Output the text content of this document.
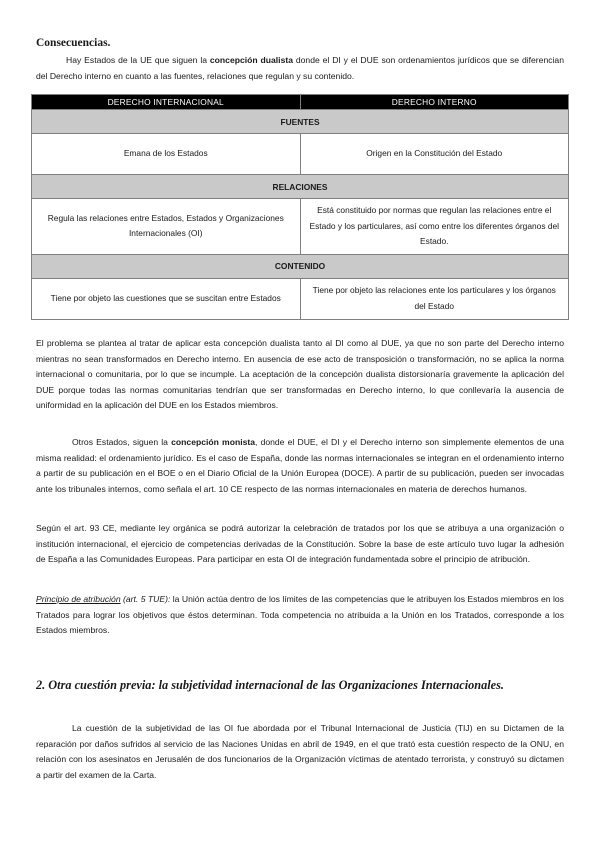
Consecuencias.
Hay Estados de la UE que siguen la concepción dualista donde el DI y el DUE son ordenamientos jurídicos que se diferencian del Derecho interno en cuanto a las fuentes, relaciones que regulan y su contenido.
DERECHO INTERNACIONAL	DERECHO INTERNO
FUENTES	
Emana de los Estados	Origen en la Constitución del Estado
RELACIONES	
Regula las relaciones entre Estados, Estados y Organizaciones Internacionales (OI)	Está constituido por normas que regulan las relaciones entre el Estado y los particulares, así como entre los diferentes órganos del Estado.
CONTENIDO	
Tiene por objeto las cuestiones que se suscitan entre Estados	Tiene por objeto las relaciones ente los particulares y los órganos del Estado
El problema se plantea al tratar de aplicar esta concepción dualista tanto al DI como al DUE, ya que no son parte del Derecho interno mientras no sean transformados en Derecho interno. En ausencia de ese acto de transposición o transformación, no se aplica la norma internacional o comunitaria, por lo que se incumple. La aceptación de la concepción dualista distorsionaría gravemente la aplicación del DUE porque todas las normas comunitarias tendrían que ser transformadas en Derecho interno, lo que conllevaría la ausencia de uniformidad en la aplicación del DUE en los Estados miembros.
Otros Estados, siguen la concepción monista, donde el DUE, el DI y el Derecho interno son simplemente elementos de una misma realidad: el ordenamiento jurídico. Es el caso de España, donde las normas internacionales se integran en el ordenamiento interno a partir de su publicación en el BOE o en el Diario Oficial de la Unión Europea (DOCE). A partir de su publicación, pueden ser invocadas ante los tribunales internos, como señala el art. 10 CE respecto de las normas internacionales en materia de derechos humanos.
Según el art. 93 CE, mediante ley orgánica se podrá autorizar la celebración de tratados por los que se atribuya a una organización o institución internacional, el ejercicio de competencias derivadas de la Constitución. Sobre la base de este artículo tuvo lugar la adhesión de España a las Comunidades Europeas. Para participar en esta OI de integración fundamentada sobre el principio de atribución.
Principio de atribución (art. 5 TUE): la Unión actúa dentro de los límites de las competencias que le atribuyen los Estados miembros en los Tratados para lograr los objetivos que éstos determinan. Toda competencia no atribuida a la Unión en los Tratados, corresponde a los Estados miembros.
2. Otra cuestión previa: la subjetividad internacional de las Organizaciones Internacionales.
La cuestión de la subjetividad de las OI fue abordada por el Tribunal Internacional de Justicia (TIJ) en su Dictamen de la reparación por daños sufridos al servicio de las Naciones Unidas en abril de 1949, en el que trató esta cuestión respecto de la ONU, en relación con los asesinatos en Jerusalén de dos funcionarios de la Organización víctimas de atentado terrorista, y construyó su dictamen a partir del examen de la Carta.
